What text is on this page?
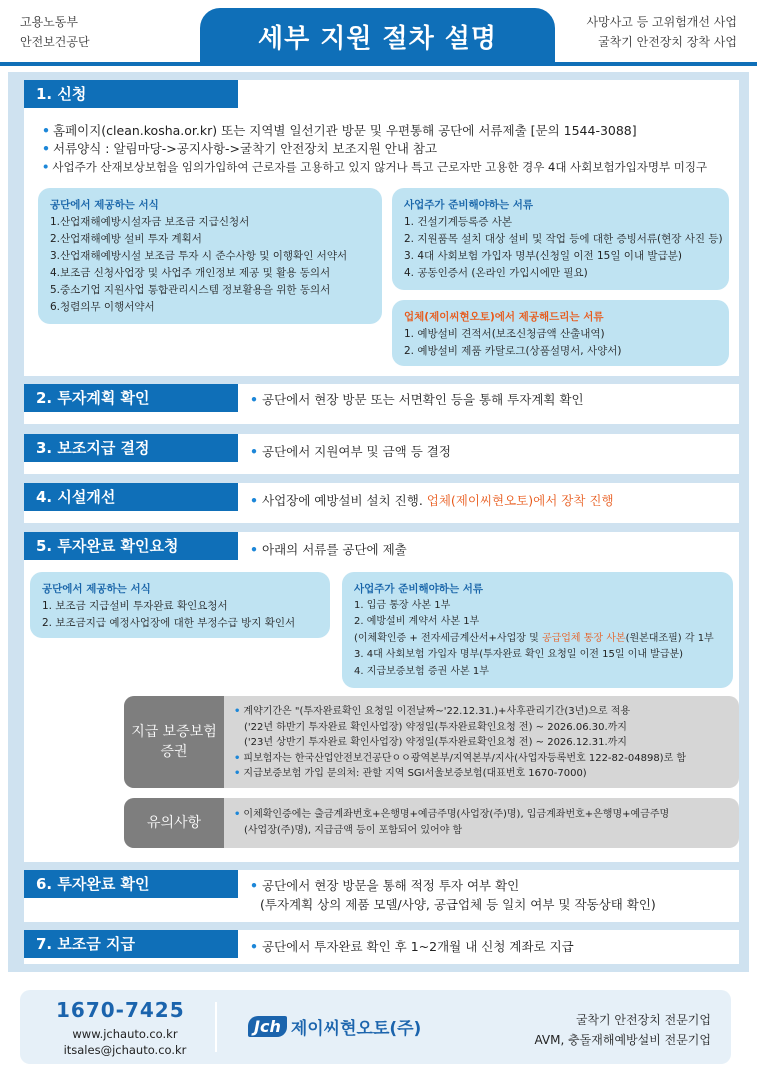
고용노동부
안전보건공단	세부 지원 절차 설명
사망사고 등 고위험개선 사업
굴착기 안전장치 장착 사업
1. 신청
• 홈페이지(clean.kosha.or.kr) 또는 지역별 일선기관 방문 및 우편통해 공단에 서류제출 [문의 1544-3088]
• 서류양식 : 알림마당->공지사항->굴착기 안전장치 보조지원 안내 참고
• 사업주가 산재보상보험을 임의가입하여 근로자를 고용하고 있지 않거나 특고 근로자만 고용한 경우 4대 사회보험가입자명부 미징구
공단에서 제공하는 서식
1.산업재해예방시설자금 보조금 지급신청서
2.산업재해예방 설비 투자 계획서
3.산업재해예방시설 보조금 투자 시 준수사항 및 이행확인 서약서
4.보조금 신청사업장 및 사업주 개인정보 제공 및 활용 동의서
5.중소기업 지원사업 통합관리시스템 정보활용을 위한 동의서
6.청렴의무 이행서약서
사업주가 준비해야하는 서류
1. 건설기계등록증 사본
2. 지원품목 설치 대상 설비 및 작업 등에 대한 증빙서류(현장 사진 등)
3. 4대 사회보험 가입자 명부(신청일 이전 15일 이내 발급분)
4. 공동인증서 (온라인 가입시에만 필요)
업체(제이씨현오토)에서 제공해드리는 서류
1. 예방설비 견적서(보조신청금액 산출내역)
2. 예방설비 제품 카탈로그(상품설명서, 사양서)
2. 투자계획 확인	• 공단에서 현장 방문 또는 서면확인 등을 통해 투자계획 확인
3. 보조지급 결정	• 공단에서 지원여부 및 금액 등 결정
4. 시설개선	• 사업장에 예방설비 설치 진행. 업체(제이씨현오토)에서 장착 진행
5. 투자완료 확인요청	• 아래의 서류를 공단에 제출
공단에서 제공하는 서식
1. 보조금 지급설비 투자완료 확인요청서
2. 보조금지급 예정사업장에 대한 부정수급 방지 확인서
사업주가 준비해야하는 서류
1. 입금 통장 사본 1부
2. 예방설비 계약서 사본 1부
(이체확인증 + 전자세금계산서+사업장 및 공급업체 통장 사본(원본대조필) 각 1부
3. 4대 사회보험 가입자 명부(투자완료 확인 요청일 이전 15일 이내 발급분)
4. 지급보증보험 증권 사본 1부
지급 보증보험 증권
• 계약기간은 "(투자완료확인 요청일 이전날짜~'22.12.31.)+사후관리기간(3년)으로 적용
('22년 하반기 투자완료 확인사업장) 약정일(투자완료확인요청 전) ~ 2026.06.30.까지
('23년 상반기 투자완료 확인사업장) 약정일(투자완료확인요청 전) ~ 2026.12.31.까지
• 피보험자는 한국산업안전보건공단ㅇㅇ광역본부/지역본부/지사(사업자등록번호 122-82-04898)로 함
• 지급보증보험 가입 문의처: 관할 지역 SGI서울보증보험(대표번호 1670-7000)
유의사항
• 이체확인증에는 출금계좌번호+은행명+예금주명(사업장(주)명), 입금계좌번호+은행명+예금주명
(사업장(주)명), 지급금액 등이 포함되어 있어야 함
6. 투자완료 확인	• 공단에서 현장 방문을 통해 적정 투자 여부 확인
(투자계획 상의 제품 모델/사양, 공급업체 등 일치 여부 및 작동상태 확인)
7. 보조금 지급	• 공단에서 투자완료 확인 후 1~2개월 내 신청 계좌로 지급
1670-7425
www.jchauto.co.kr
itsales@jchauto.co.kr
Jch 제이씨현오토(주)	굴착기 안전장치 전문기업
AVM, 충돌재해예방설비 전문기업
